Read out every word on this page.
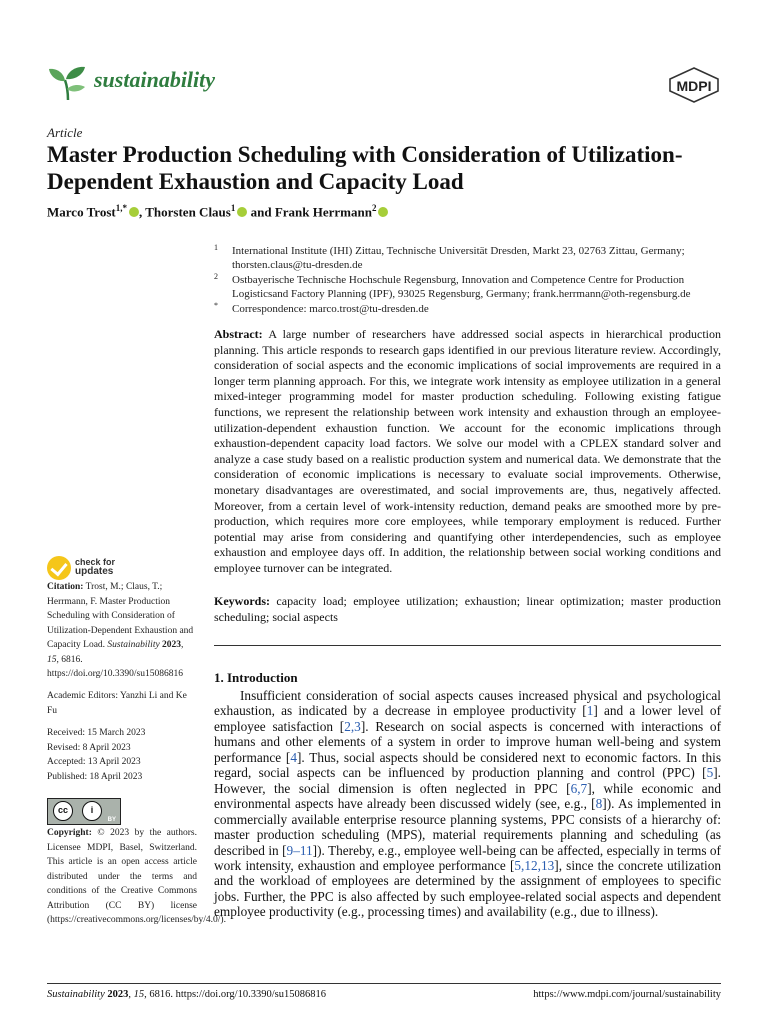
sustainability	MDPI
Article
Master Production Scheduling with Consideration of Utilization-Dependent Exhaustion and Capacity Load
Marco Trost$^{1,*}$ , Thorsten Claus$^1$ and Frank Herrmann$^2$
1 International Institute (IHI) Zittau, Technische Universität Dresden, Markt 23, 02763 Zittau, Germany; thorsten.claus@tu-dresden.de
2 Ostbayerische Technische Hochschule Regensburg, Innovation and Competence Centre for Production Logisticsand Factory Planning (IPF), 93025 Regensburg, Germany; frank.herrmann@oth-regensburg.de
* Correspondence: marco.trost@tu-dresden.de
Abstract: A large number of researchers have addressed social aspects in hierarchical production planning. This article responds to research gaps identified in our previous literature review. Accordingly, consideration of social aspects and the economic implications of social improvements are required in a longer term planning approach. For this, we integrate work intensity as employee utilization in a general mixed-integer programming model for master production scheduling. Following existing fatigue functions, we represent the relationship between work intensity and exhaustion through an employee-utilization-dependent exhaustion function. We account for the economic implications through exhaustion-dependent capacity load factors. We solve our model with a CPLEX standard solver and analyze a case study based on a realistic production system and numerical data. We demonstrate that the consideration of economic implications is necessary to evaluate social improvements. Otherwise, monetary disadvantages are overestimated, and social improvements are, thus, negatively affected. Moreover, from a certain level of work-intensity reduction, demand peaks are smoothed more by pre-production, which requires more core employees, while temporary employment is reduced. Further potential may arise from considering and quantifying other interdependencies, such as employee exhaustion and employee days off. In addition, the relationship between social working conditions and employee turnover can be integrated.
Keywords: capacity load; employee utilization; exhaustion; linear optimization; master production scheduling; social aspects
1. Introduction
Insufficient consideration of social aspects causes increased physical and psychological exhaustion, as indicated by a decrease in employee productivity [1] and a lower level of employee satisfaction [2,3]. Research on social aspects is concerned with interactions of humans and other elements of a system in order to improve human well-being and system performance [4]. Thus, social aspects should be considered next to economic factors. In this regard, social aspects can be influenced by production planning and control (PPC) [5]. However, the social dimension is often neglected in PPC [6,7], while economic and environmental aspects have already been discussed widely (see, e.g., [8]). As implemented in commercially available enterprise resource planning systems, PPC consists of a hierarchy of: master production scheduling (MPS), material requirements planning and scheduling (as described in [9–11]). Thereby, e.g., employee well-being can be affected, especially in terms of work intensity, exhaustion and employee performance [5,12,13], since the concrete utilization and the workload of employees are determined by the assignment of employees to specific jobs. Further, the PPC is also affected by such employee-related social aspects and dependent employee productivity (e.g., processing times) and availability (e.g., due to illness).
check for
updates
Citation: Trost, M.; Claus, T.; Herrmann, F. Master Production Scheduling with Consideration of Utilization-Dependent Exhaustion and Capacity Load. Sustainability 2023, 15, 6816. https://doi.org/10.3390/su15086816
Academic Editors: Yanzhi Li and Ke Fu
Received: 15 March 2023
Revised: 8 April 2023
Accepted: 13 April 2023
Published: 18 April 2023
cc	i
BY
Copyright: © 2023 by the authors. Licensee MDPI, Basel, Switzerland. This article is an open access article distributed under the terms and conditions of the Creative Commons Attribution (CC BY) license (https://creativecommons.org/licenses/by/4.0/).
Sustainability 2023, 15, 6816. https://doi.org/10.3390/su15086816	https://www.mdpi.com/journal/sustainability
